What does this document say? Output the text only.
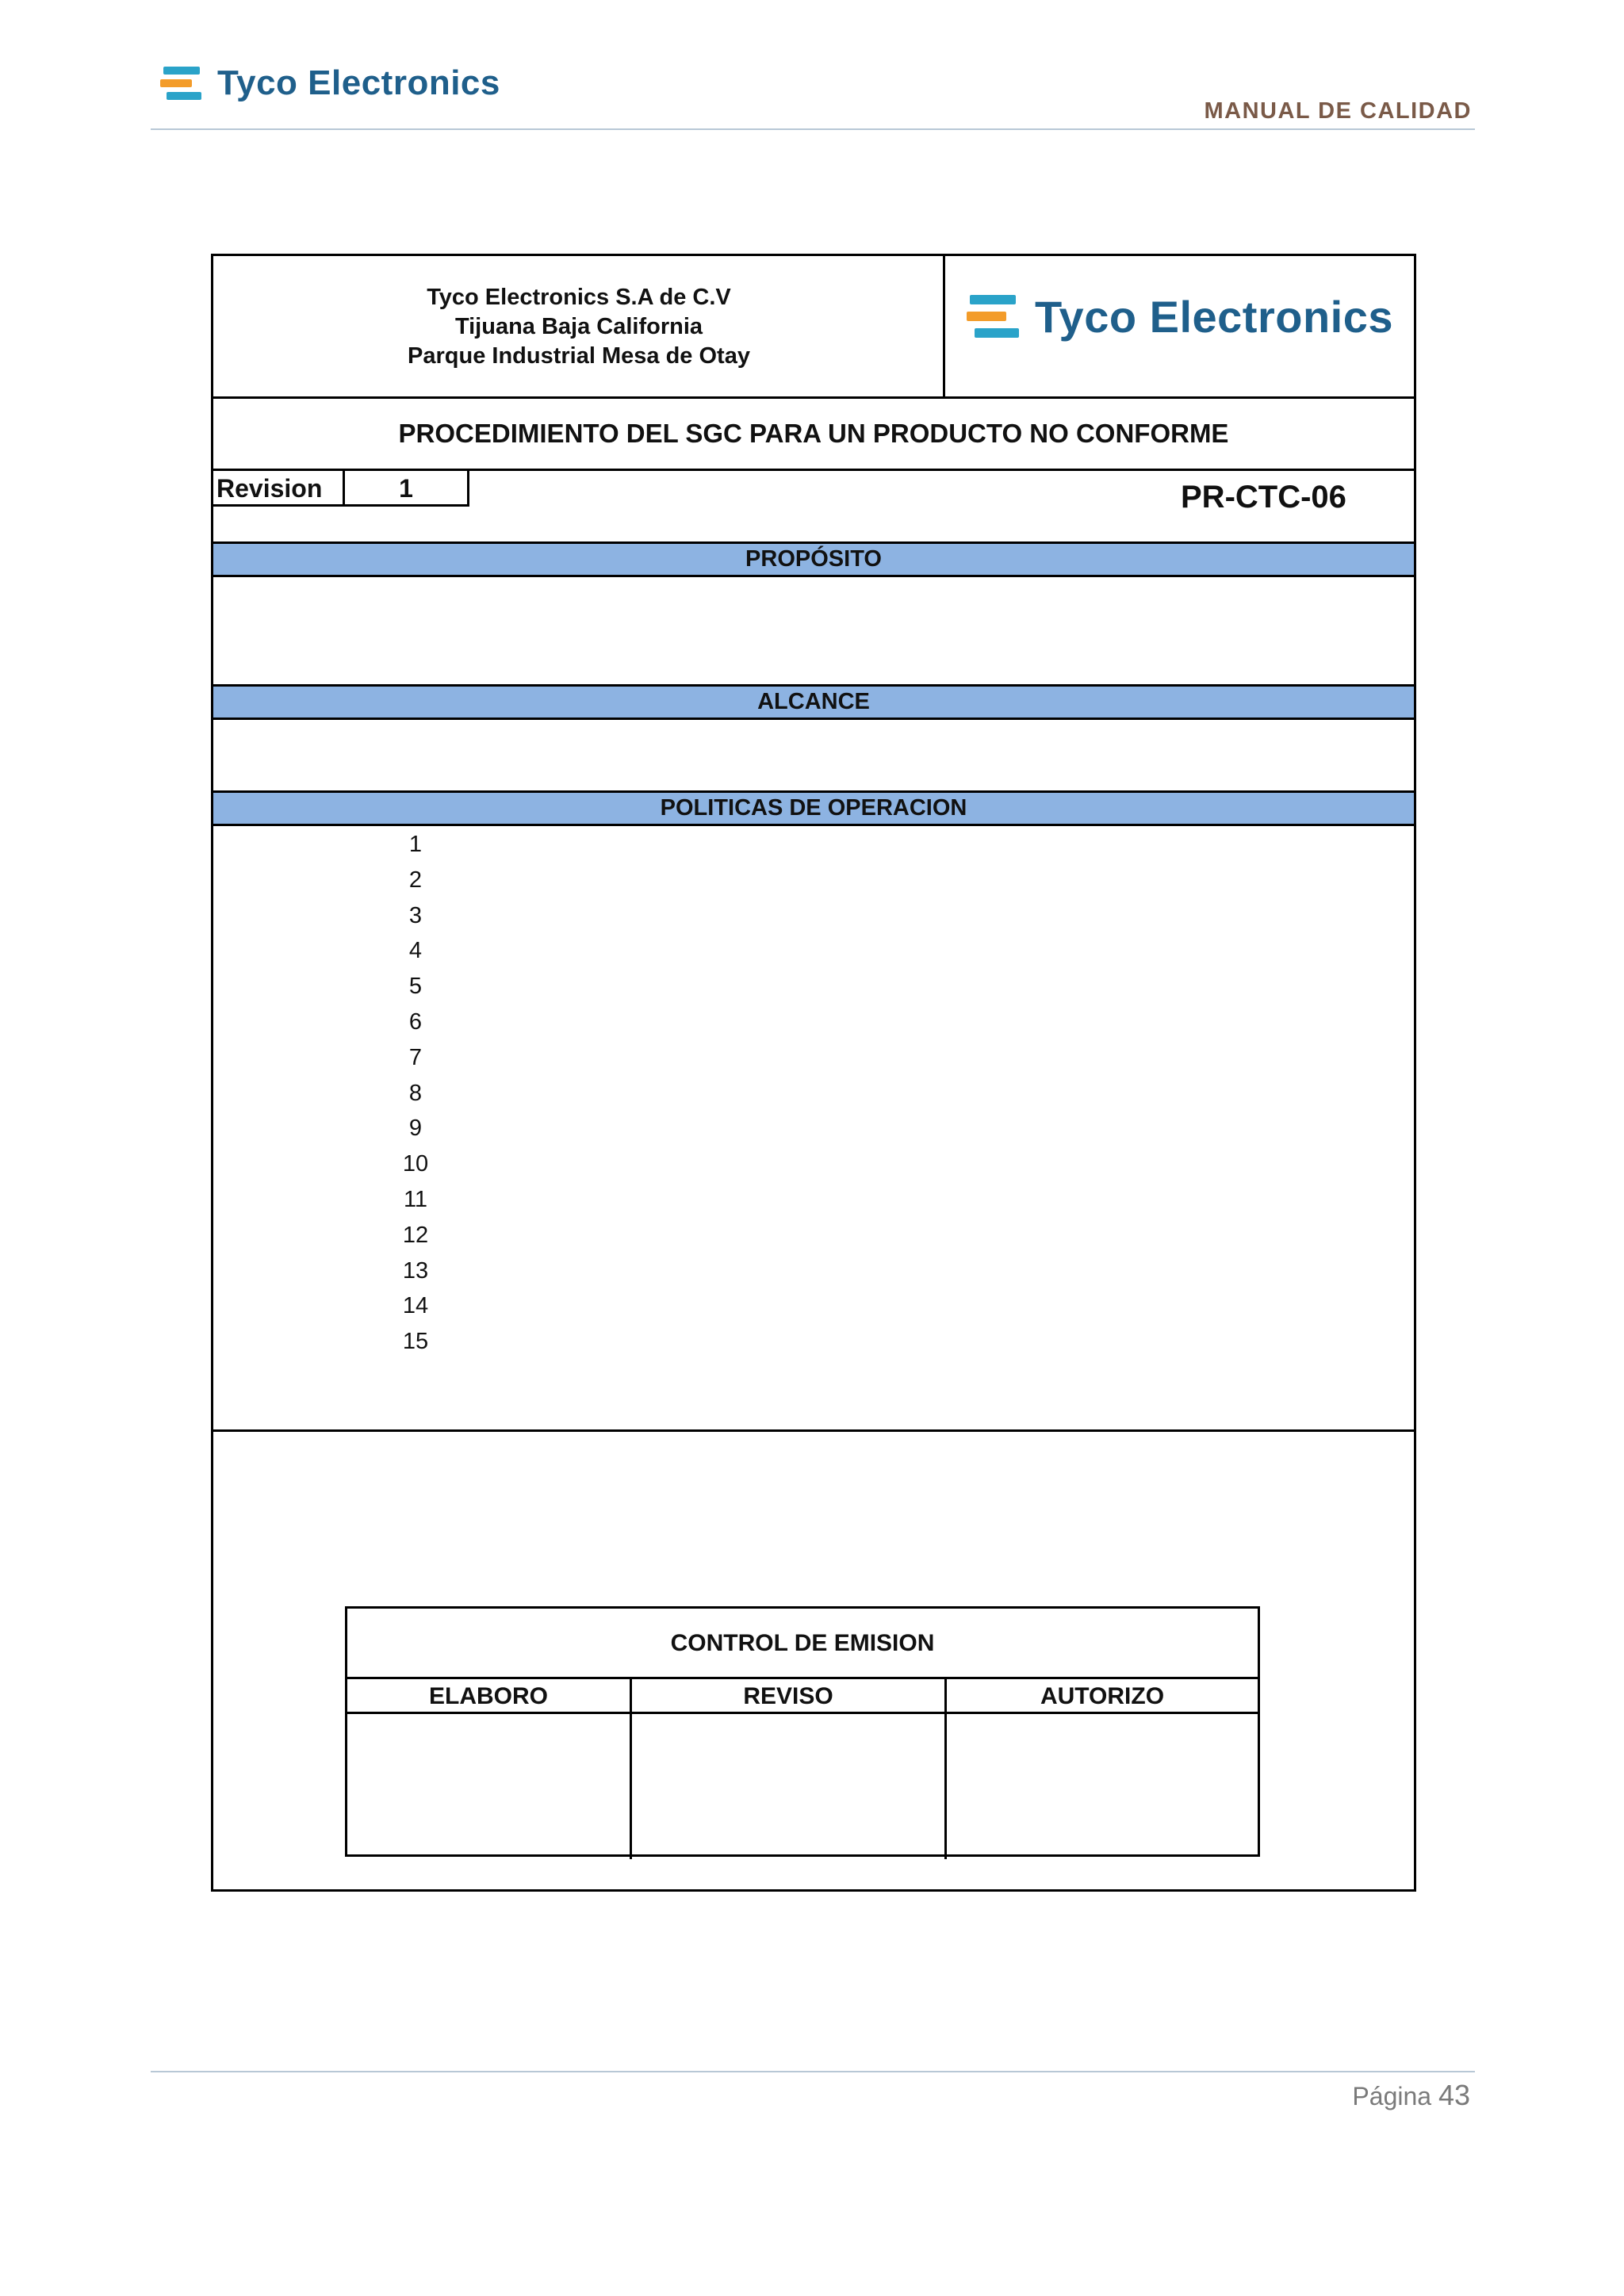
Tyco Electronics
MANUAL DE CALIDAD
Tyco Electronics S.A de C.V
Tijuana Baja California
Parque Industrial Mesa de Otay
Tyco Electronics
PROCEDIMIENTO DEL SGC PARA UN PRODUCTO NO CONFORME
Revision	1	PR-CTC-06
PROPÓSITO
ALCANCE
POLITICAS DE OPERACION
1
2
3
4
5
6
7
8
9
10
11
12
13
14
15
CONTROL DE EMISION
ELABORO	REVISO	AUTORIZO
Página 43
